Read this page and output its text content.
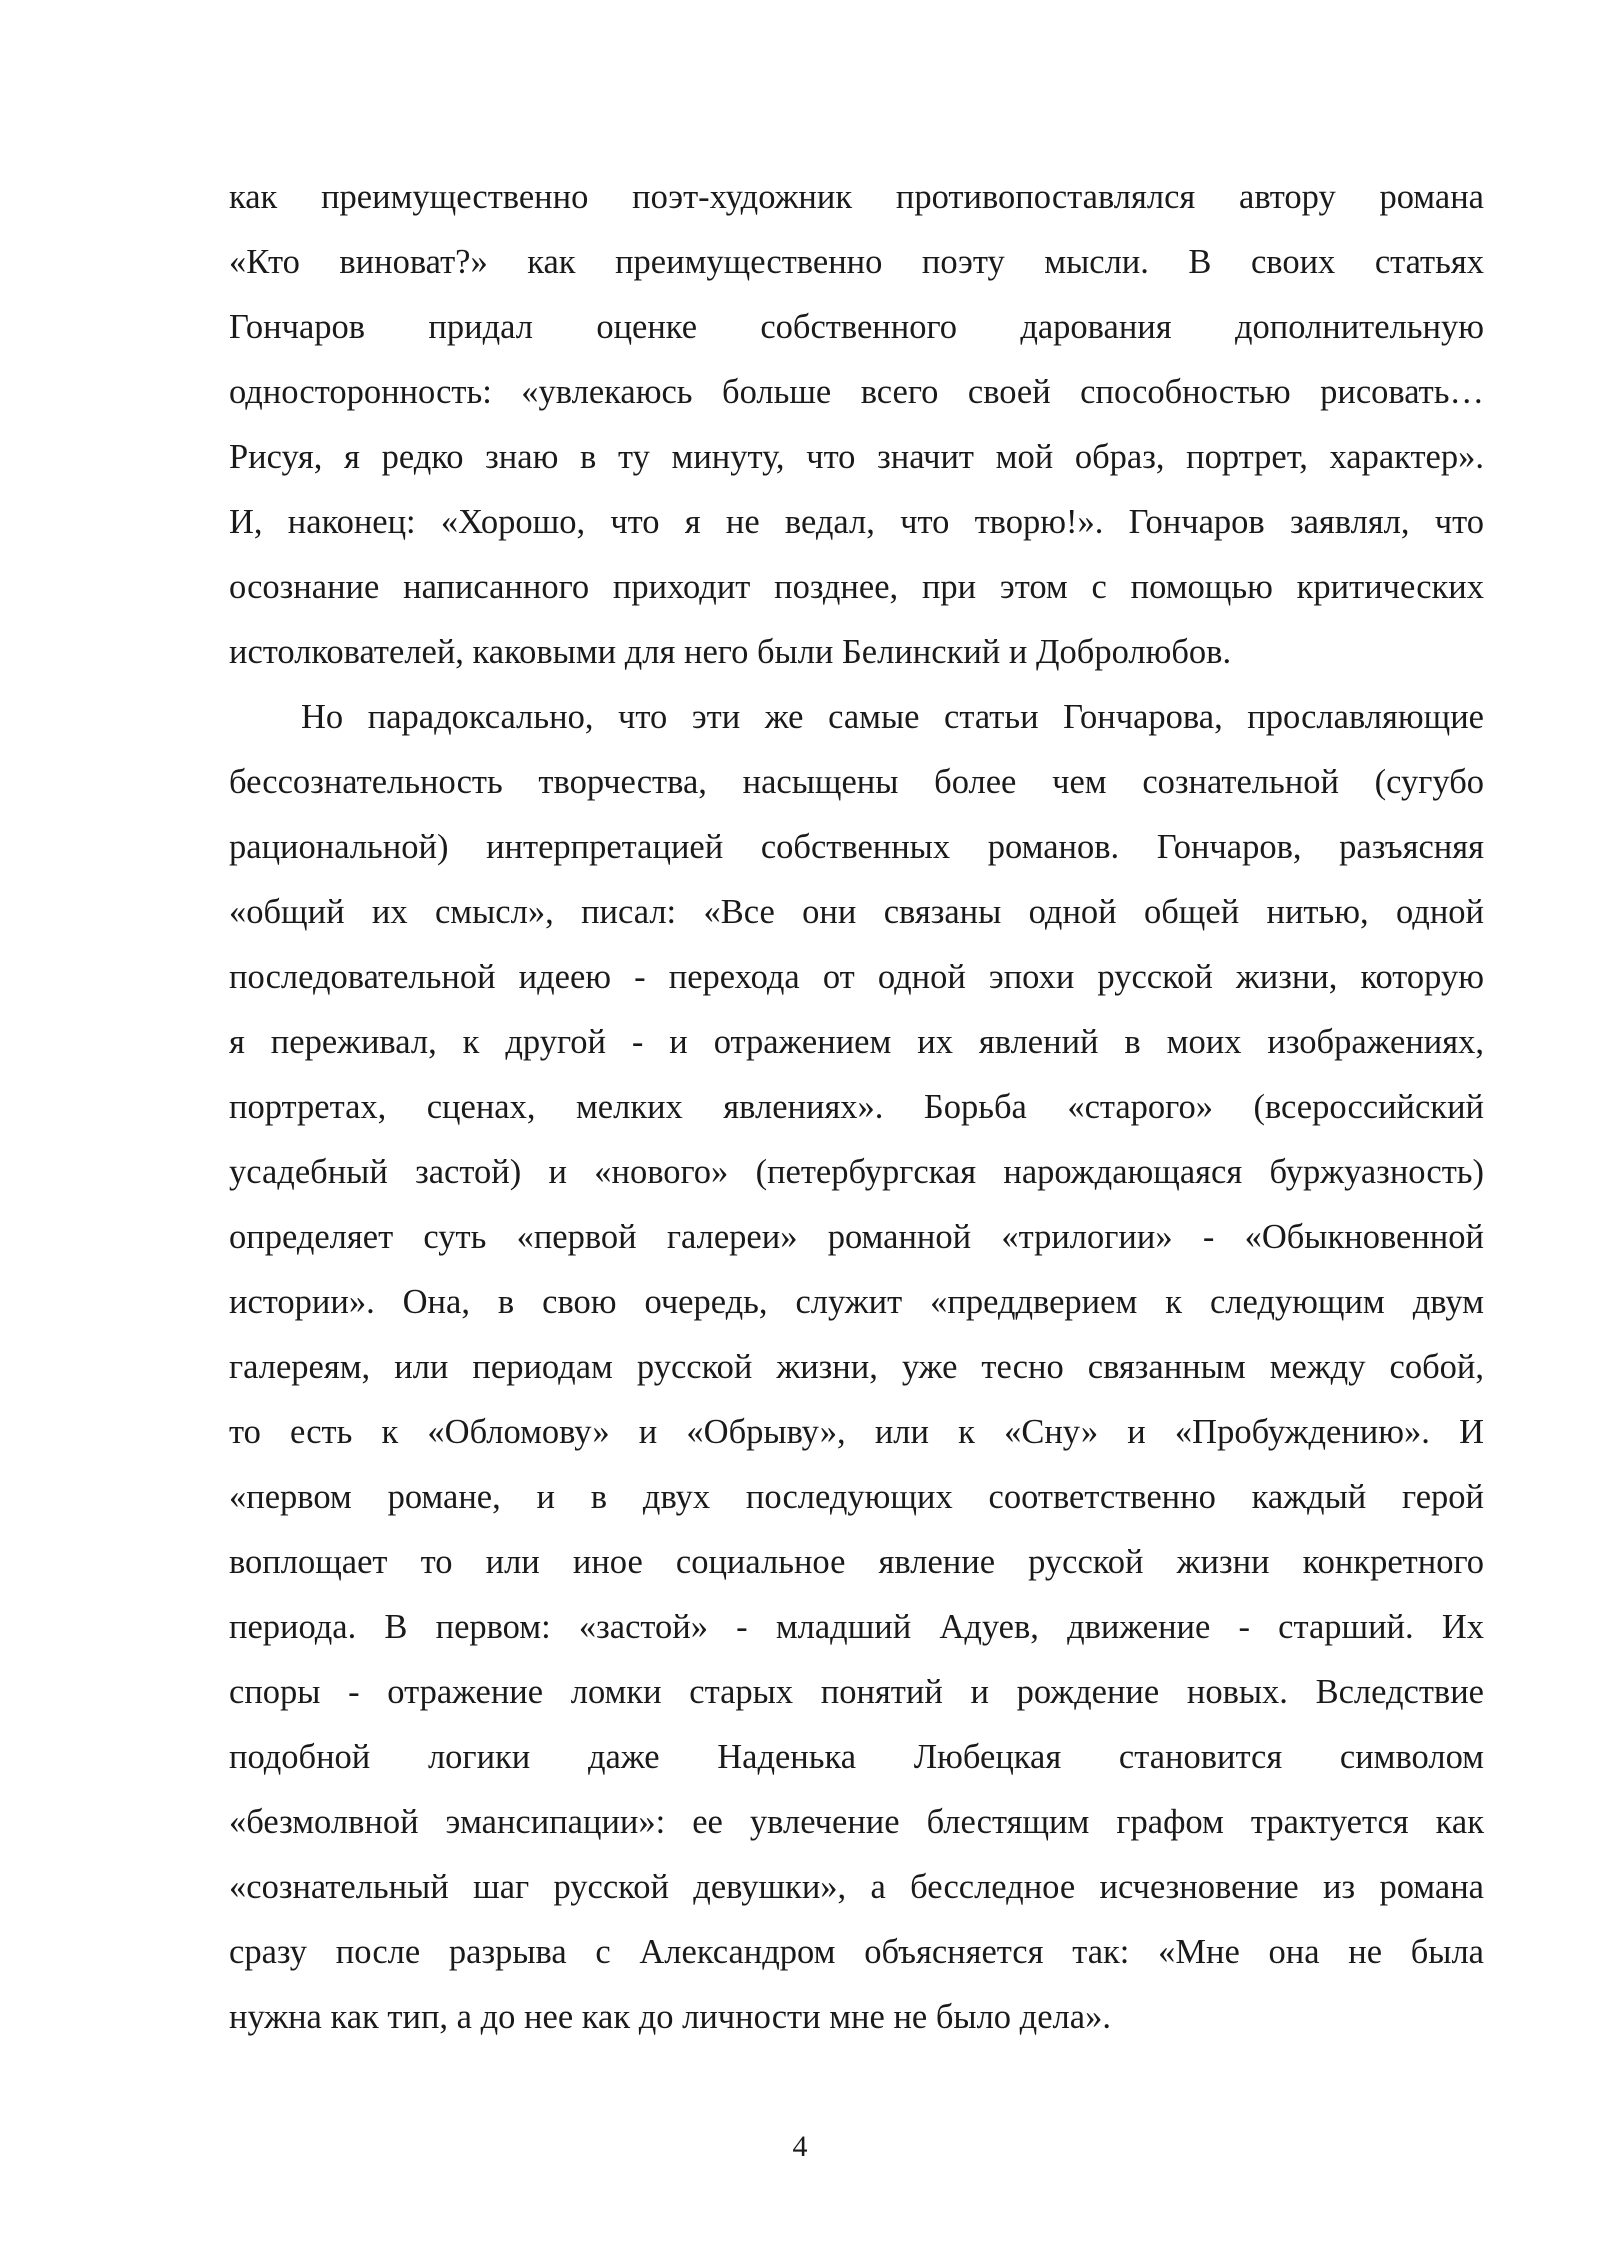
как преимущественно поэт-художник противопоставлялся автору романа
«Кто виноват?» как преимущественно поэту мысли. В своих статьях
Гончаров придал оценке собственного дарования дополнительную
односторонность: «увлекаюсь больше всего своей способностью рисовать…
Рисуя, я редко знаю в ту минуту, что значит мой образ, портрет, характер».
И, наконец: «Хорошо, что я не ведал, что творю!». Гончаров заявлял, что
осознание написанного приходит позднее, при этом с помощью критических
истолкователей, каковыми для него были Белинский и Добролюбов.
Но парадоксально, что эти же самые статьи Гончарова, прославляющие
бессознательность творчества, насыщены более чем сознательной (сугубо
рациональной) интерпретацией собственных романов. Гончаров, разъясняя
«общий их смысл», писал: «Все они связаны одной общей нитью, одной
последовательной идеею - перехода от одной эпохи русской жизни, которую
я переживал, к другой - и отражением их явлений в моих изображениях,
портретах, сценах, мелких явлениях». Борьба «старого» (всероссийский
усадебный застой) и «нового» (петербургская нарождающаяся буржуазность)
определяет суть «первой галереи» романной «трилогии» - «Обыкновенной
истории». Она, в свою очередь, служит «преддверием к следующим двум
галереям, или периодам русской жизни, уже тесно связанным между собой,
то есть к «Обломову» и «Обрыву», или к «Сну» и «Пробуждению». И
«первом романе, и в двух последующих соответственно каждый герой
воплощает то или иное социальное явление русской жизни конкретного
периода. В первом: «застой» - младший Адуев, движение - старший. Их
споры - отражение ломки старых понятий и рождение новых. Вследствие
подобной логики даже Наденька Любецкая становится символом
«безмолвной эмансипации»: ее увлечение блестящим графом трактуется как
«сознательный шаг русской девушки», а бесследное исчезновение из романа
сразу после разрыва с Александром объясняется так: «Мне она не была
нужна как тип, а до нее как до личности мне не было дела».
4
